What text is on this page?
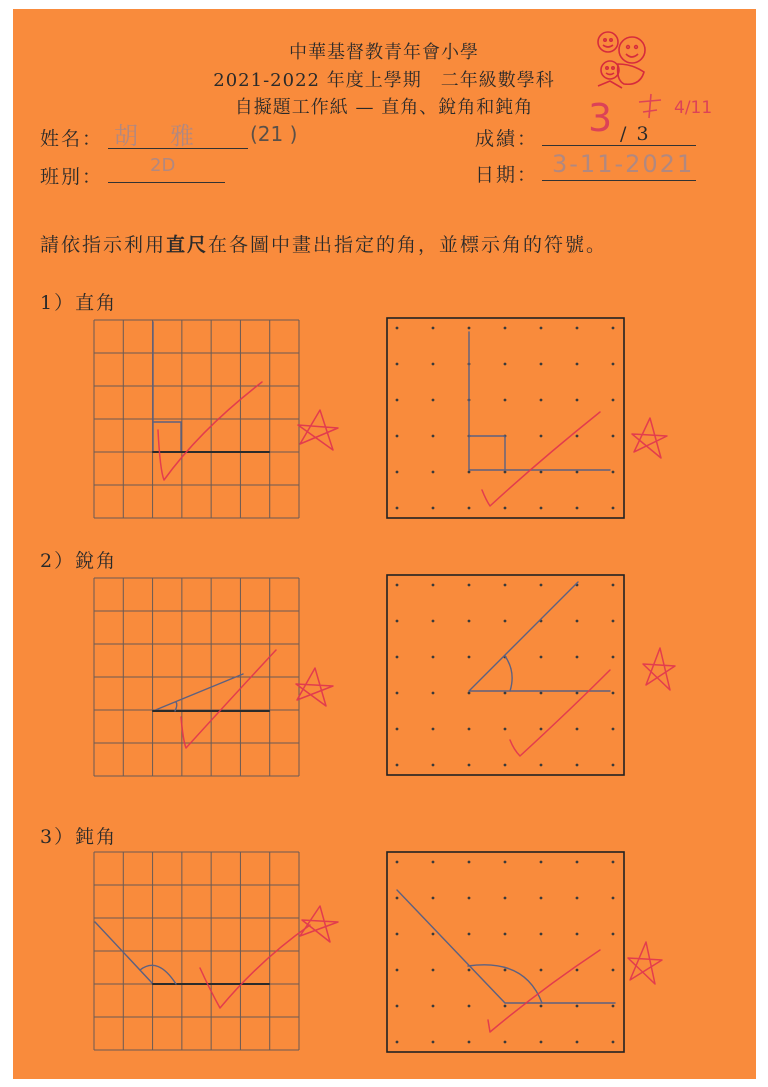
中華基督教青年會小學
2021-2022 年度上學期　二年級數學科
自擬題工作紙 — 直角、銳角和鈍角
姓名： 胡　雅	(21 )
班別：
2D
成績： 3 / 3
4/11
日期： 3-11-2021
請依指示利用直尺在各圖中畫出指定的角，並標示角的符號。
1）直角
2）銳角
3）鈍角
